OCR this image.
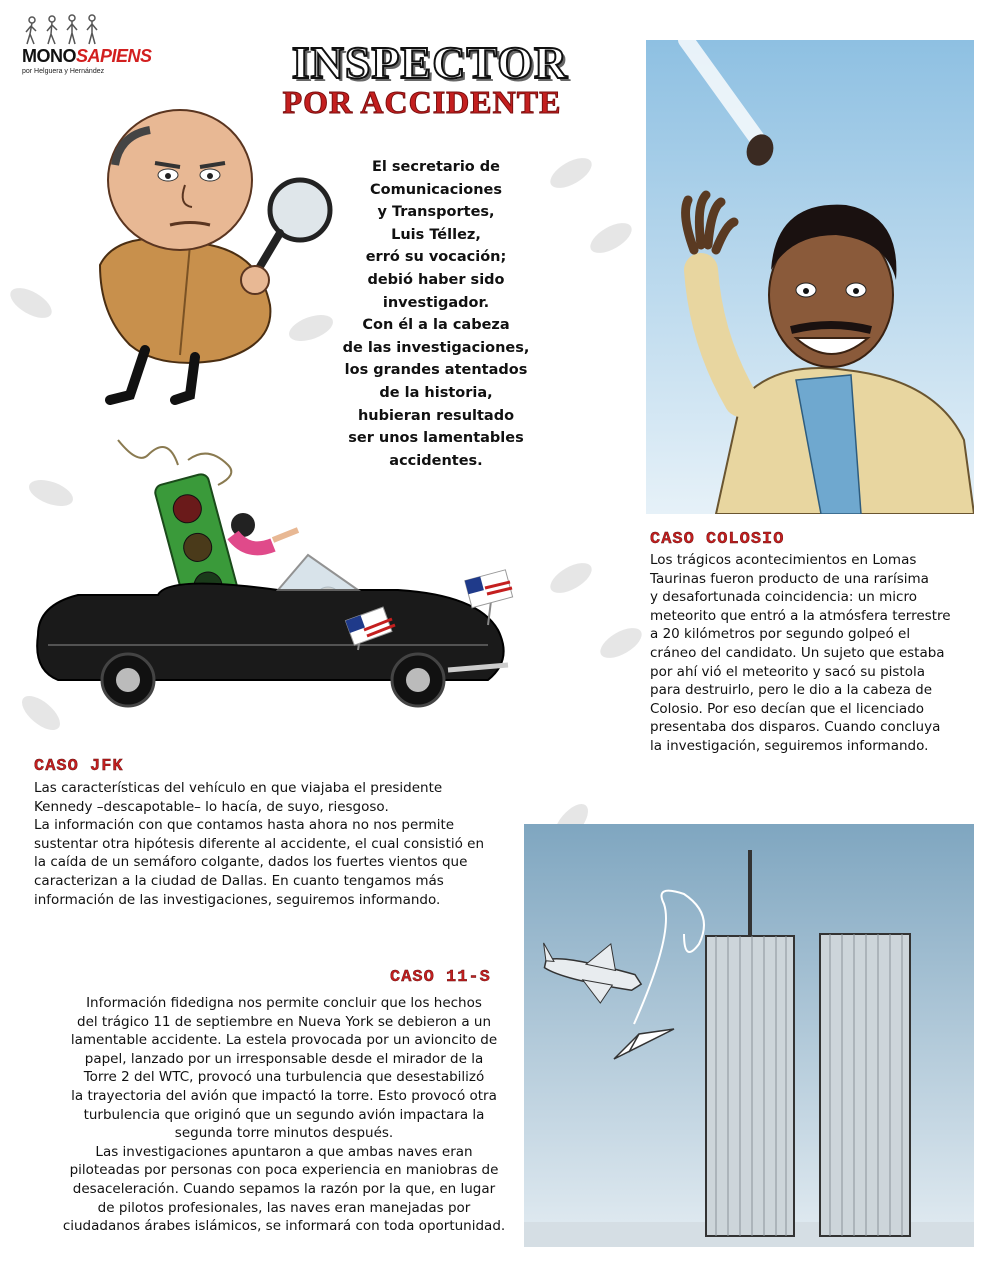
MONOSAPIENS
por Helguera y Hernández	INSPECTOR
POR ACCIDENTE
El secretario de
Comunicaciones
y Transportes,
Luis Téllez,
erró su vocación;
debió haber sido
investigador.
Con él a la cabeza
de las investigaciones,
los grandes atentados
de la historia,
hubieran resultado
ser unos lamentables
accidentes.
CASO COLOSIO
Los trágicos acontecimientos en Lomas
Taurinas fueron producto de una rarísima
y desafortunada coincidencia: un micro
meteorito que entró a la atmósfera terrestre
a 20 kilómetros por segundo golpeó el
cráneo del candidato. Un sujeto que estaba
por ahí vió el meteorito y sacó su pistola
para destruirlo, pero le dio a la cabeza de
Colosio. Por eso decían que el licenciado
presentaba dos disparos. Cuando concluya
la investigación, seguiremos informando.
CASO JFK
Las características del vehículo en que viajaba el presidente
Kennedy –descapotable– lo hacía, de suyo, riesgoso.
La información con que contamos hasta ahora no nos permite
sustentar otra hipótesis diferente al accidente, el cual consistió en
la caída de un semáforo colgante, dados los fuertes vientos que
caracterizan a la ciudad de Dallas. En cuanto tengamos más
información de las investigaciones, seguiremos informando.
CASO 11-S
Información fidedigna nos permite concluir que los hechos
del trágico 11 de septiembre en Nueva York se debieron a un
lamentable accidente. La estela provocada por un avioncito de
papel, lanzado por un irresponsable desde el mirador de la
Torre 2 del WTC, provocó una turbulencia que desestabilizó
la trayectoria del avión que impactó la torre. Esto provocó otra
turbulencia que originó que un segundo avión impactara la
segunda torre minutos después.
Las investigaciones apuntaron a que ambas naves eran
piloteadas por personas con poca experiencia en maniobras de
desaceleración. Cuando sepamos la razón por la que, en lugar
de pilotos profesionales, las naves eran manejadas por
ciudadanos árabes islámicos, se informará con toda oportunidad.
